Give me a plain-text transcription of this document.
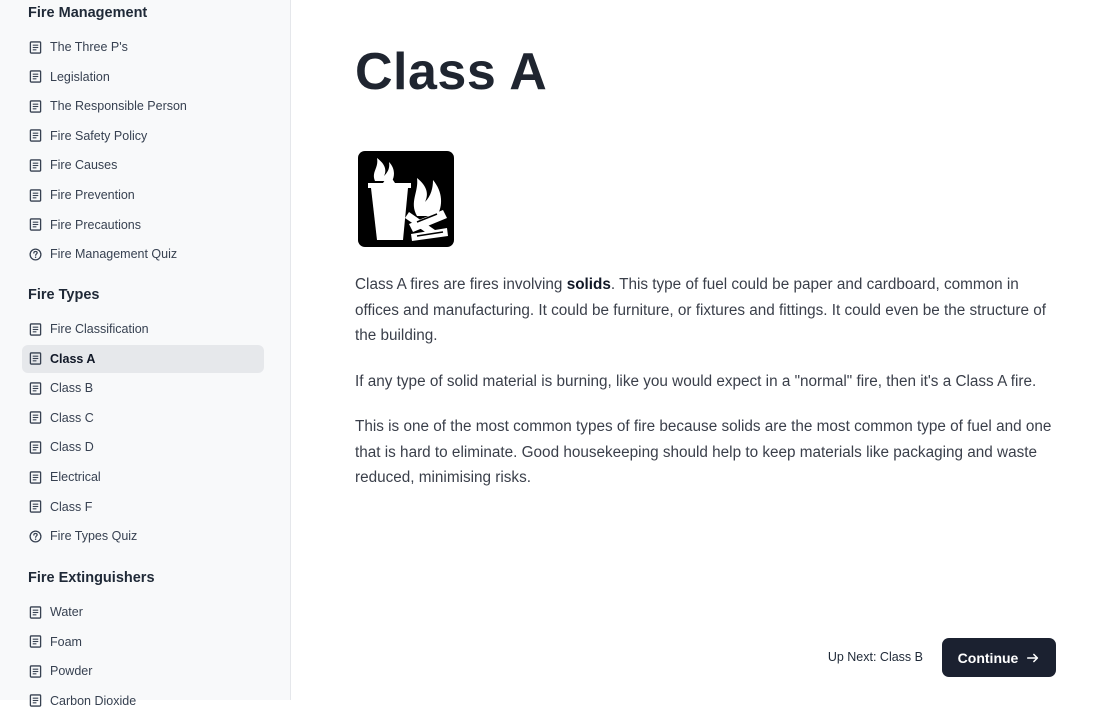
Fire Management
The Three P's
Legislation
The Responsible Person
Fire Safety Policy
Fire Causes
Fire Prevention
Fire Precautions
Fire Management Quiz
Fire Types
Fire Classification
Class A
Class B
Class C
Class D
Electrical
Class F
Fire Types Quiz
Fire Extinguishers
Water
Foam
Powder
Carbon Dioxide
Class A

Class A fires are fires involving solids. This type of fuel could be paper and cardboard, common in offices and manufacturing. It could be furniture, or fixtures and fittings. It could even be the structure of the building.

If any type of solid material is burning, like you would expect in a "normal" fire, then it's a Class A fire.

This is one of the most common types of fire because solids are the most common type of fuel and one that is hard to eliminate. Good housekeeping should help to keep materials like packaging and waste reduced, minimising risks.

Up Next: Class B Continue
